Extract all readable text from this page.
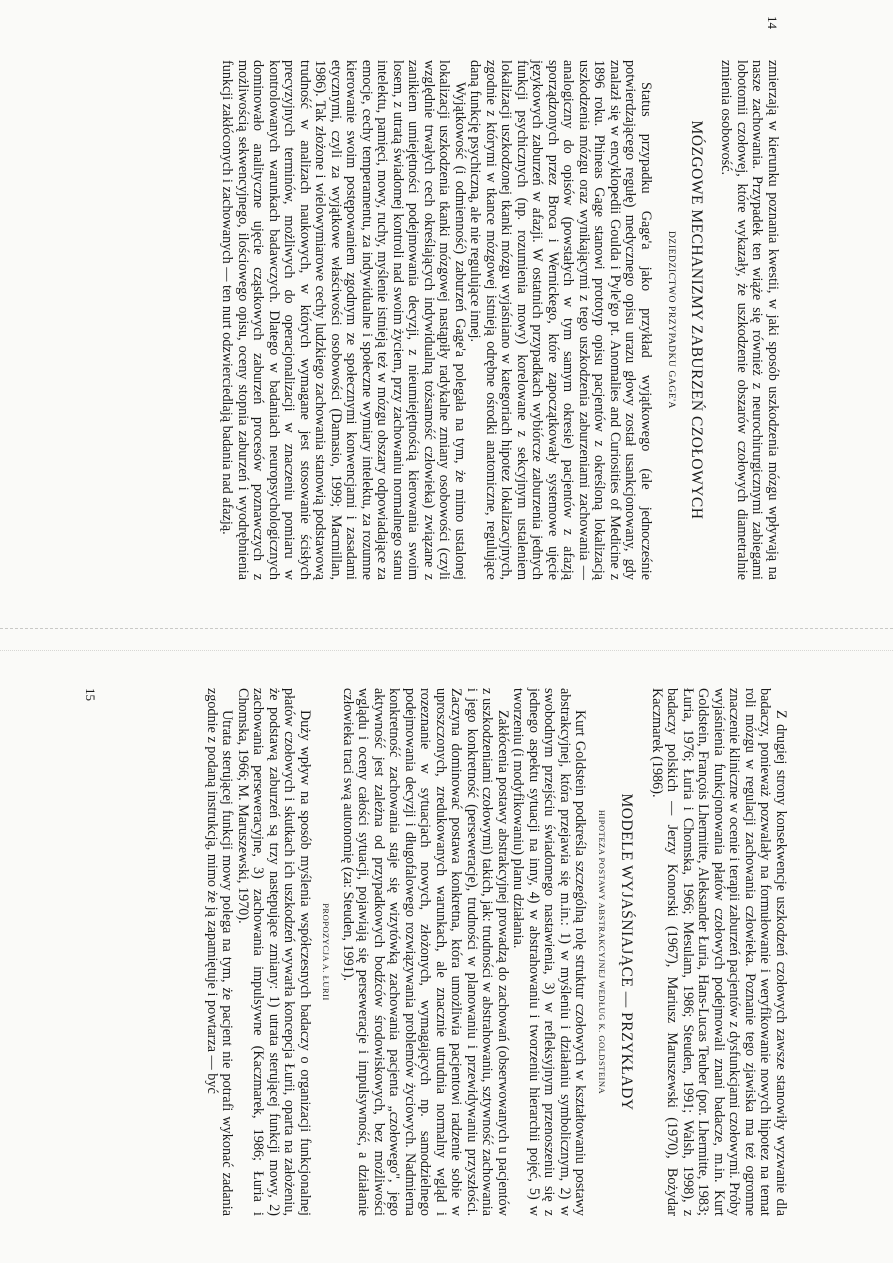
zmierzają w kierunku poznania kwestii, w jaki sposób uszkodzenia mózgu wpływają na nasze zachowania. Przypadek ten wiąże się również z neurochirurgicznymi zabiegami lobotomii czołowej, które wykazały, że uszkodzenie obszarów czołowych diametralnie zmienia osobowość.

MÓZGOWE MECHANIZMY ZABURZEŃ CZOŁOWYCH
DZIEDZICTWO PRZYPADKU GAGE'A

Status przypadku Gage'a jako przykład wyjątkowego (ale jednocześnie potwierdzającego regułę) medycznego opisu urazu głowy został usankcjonowany, gdy znalazł się w encyklopedii Goulda i Pyle'go pt. Anomalies and Curiosities of Medicine z 1896 roku. Phineas Gage stanowi prototyp opisu pacjentów z określoną lokalizacją uszkodzenia mózgu oraz wynikającymi z tego uszkodzenia zaburzeniami zachowania — analogiczny do opisów (powstałych w tym samym okresie) pacjentów z afazją sporządzonych przez Broca i Wernickego, które zapoczątkowały systemowe ujęcie językowych zaburzeń w afazji. W ostatnich przypadkach wybiórcze zaburzenia jednych funkcji psychicznych (np. rozumienia mowy) korelowane z sekcyjnym ustaleniem lokalizacji uszkodzonej tkanki mózgu wyjaśniano w kategoriach hipotez lokalizacyjnych, zgodnie z którymi w tkance mózgowej istnieją odrębne ośrodki anatomiczne, regulujące daną funkcję psychiczną, ale nie regulujące innej.

Wyjątkowość (i odmienność) zaburzeń Gage'a polegała na tym, że mimo ustalonej lokalizacji uszkodzenia tkanki mózgowej nastąpiły radykalne zmiany osobowości (czyli względnie trwałych cech określających indywidualną tożsamość człowieka) związane z zanikiem umiejętności podejmowania decyzji, z nieumiejętnością kierowania swoim losem, z utratą świadomej kontroli nad swoim życiem, przy zachowaniu normalnego stanu intelektu, pamięci, mowy, ruchy, myślenie istnieją też w mózgu obszary odpowiadające za emocje, cechy temperamentu, za indywidualne i społeczne wymiary intelektu, za rozumne kierowanie swoim postępowaniem zgodnym ze społecznymi konwencjami i zasadami etycznymi, czyli za wyjątkowe właściwości osobowości (Damasio, 1999; Macmillan, 1986). Tak złożone i wielowymiarowe cechy ludzkiego zachowania stanowią podstawową trudność w analizach naukowych, w których wymagane jest stosowanie ścisłych precyzyjnych terminów, możliwych do operacjonalizacji w znaczeniu pomiaru w kontrolowanych warunkach badawczych. Dlatego w badaniach neuropsychologicznych dominowało analityczne ujęcie cząstkowych zaburzeń procesów poznawczych z możliwością sekwencyjnego, ilościowego opisu, oceny stopnia zaburzeń i wyodrębnienia funkcji zakłóconych i zachowanych — ten nurt odzwierciedlają badania nad afazją.

14

Z drugiej strony konsekwencje uszkodzeń czołowych zawsze stanowiły wyzwanie dla badaczy, ponieważ pozwalały na formułowanie i weryfikowanie nowych hipotez na temat roli mózgu w regulacji zachowania człowieka. Poznanie tego zjawiska ma też ogromne znaczenie kliniczne w ocenie i terapii zaburzeń pacjentów z dysfunkcjami czołowymi. Próby wyjaśnienia funkcjonowania płatów czołowych podejmowali znani badacze, m.in. Kurt Goldstein, François Lhermitte, Aleksander Łuria, Hans-Lucas Teuber (por. Lhermitte, 1983; Łuria, 1976; Łuria i Chomska, 1966; Mesulam, 1986; Steuden, 1991; Walsh, 1998), z badaczy polskich — Jerzy Konorski (1967), Mariusz Maruszewski (1970), Bożydar Kaczmarek (1986).

MODELE WYJAŚNIAJĄCE — PRZYKŁADY
HIPOTEZA POSTAWY ABSTRAKCYJNEJ WEDŁUG K. GOLDSTEINA

Kurt Goldstein podkreśla szczególną rolę struktur czołowych w kształtowaniu postawy abstrakcyjnej, która przejawia się m.in.: 1) w myśleniu i działaniu symbolicznym, 2) w swobodnym przejściu świadomego nastawienia, 3) w refleksyjnym przenoszeniu się z jednego aspektu sytuacji na inny, 4) w abstrahowaniu i tworzeniu hierarchii pojęć, 5) w tworzeniu (i modyfikowaniu) planu działania.

Zakłócenia postawy abstrakcyjnej prowadzą do zachowań (obserwowanych u pacjentów z uszkodzeniami czołowymi) takich, jak: trudności w abstrahowaniu, sztywność zachowania i jego konkretność (perseweracje), trudności w planowaniu i przewidywaniu przyszłości. Zaczyna dominować postawa konkretna, która umożliwia pacjentowi radzenie sobie w uproszczonych, zredukowanych warunkach, ale znacznie utrudnia normalny wgląd i rozeznanie w sytuacjach nowych, złożonych, wymagających np. samodzielnego podejmowania decyzji i długofalowego rozwiązywania problemów życiowych. Nadmierna konkretność zachowania staje się wizytówką zachowania pacjenta „czołowego", jego aktywność jest zależna od przypadkowych bodźców środowiskowych, bez możliwości wglądu i oceny całości sytuacji, pojawiają się perseweracje i impulsywność, a działanie człowieka traci swą autonomię (za: Steuden, 1991).

PROPOZYCJA A. ŁURII

Duży wpływ na sposób myślenia współczesnych badaczy o organizacji funkcjonalnej płatów czołowych i skutkach ich uszkodzeń wywarła koncepcja Łurii, oparta na założeniu, że podstawą zaburzeń są trzy następujące zmiany: 1) utrata sterującej funkcji mowy, 2) zachowania perseweracyjne, 3) zachowania impulsywne (Kaczmarek, 1986; Łuria i Chomska, 1966; M. Maruszewski, 1970).

Utrata sterującej funkcji mowy polega na tym, że pacjent nie potrafi wykonać zadania zgodnie z podaną instrukcją, mimo że ją zapamiętuje i powtarza — być

15
